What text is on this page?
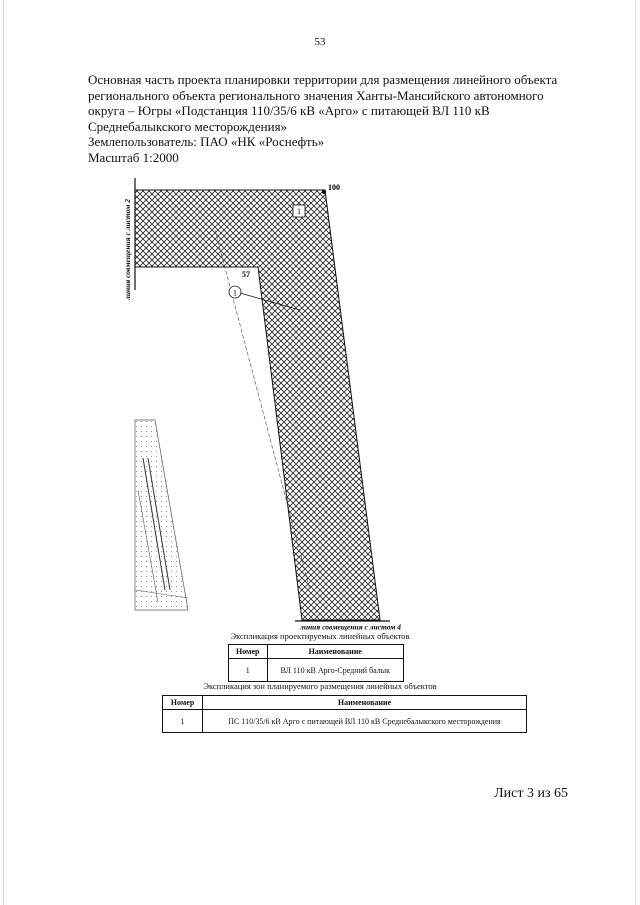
53
Основная часть проекта планировки территории для размещения линейного объекта
регионального объекта регионального значения Ханты-Мансийского автономного
округа – Югры «Подстанция 110/35/6 кВ «Арго» с питающей ВЛ 110 кВ
Среднебалыкского месторождения»
Землепользователь: ПАО «НК «Роснефть»
Масштаб 1:2000
линия совмещения с листом 2
100
57
1
1
линия совмещения с листом 4
Экспликация проектируемых линейных объектов
Номер	Наименование
1	ВЛ 110 кВ Арго-Средний балык
Экспликация зон планируемого размещения линейных объектов
Номер	Наименование
1	ПС 110/35/6 кВ Арго с питающей ВЛ 110 кВ Среднебалыкского месторождения
Лист 3 из 65
